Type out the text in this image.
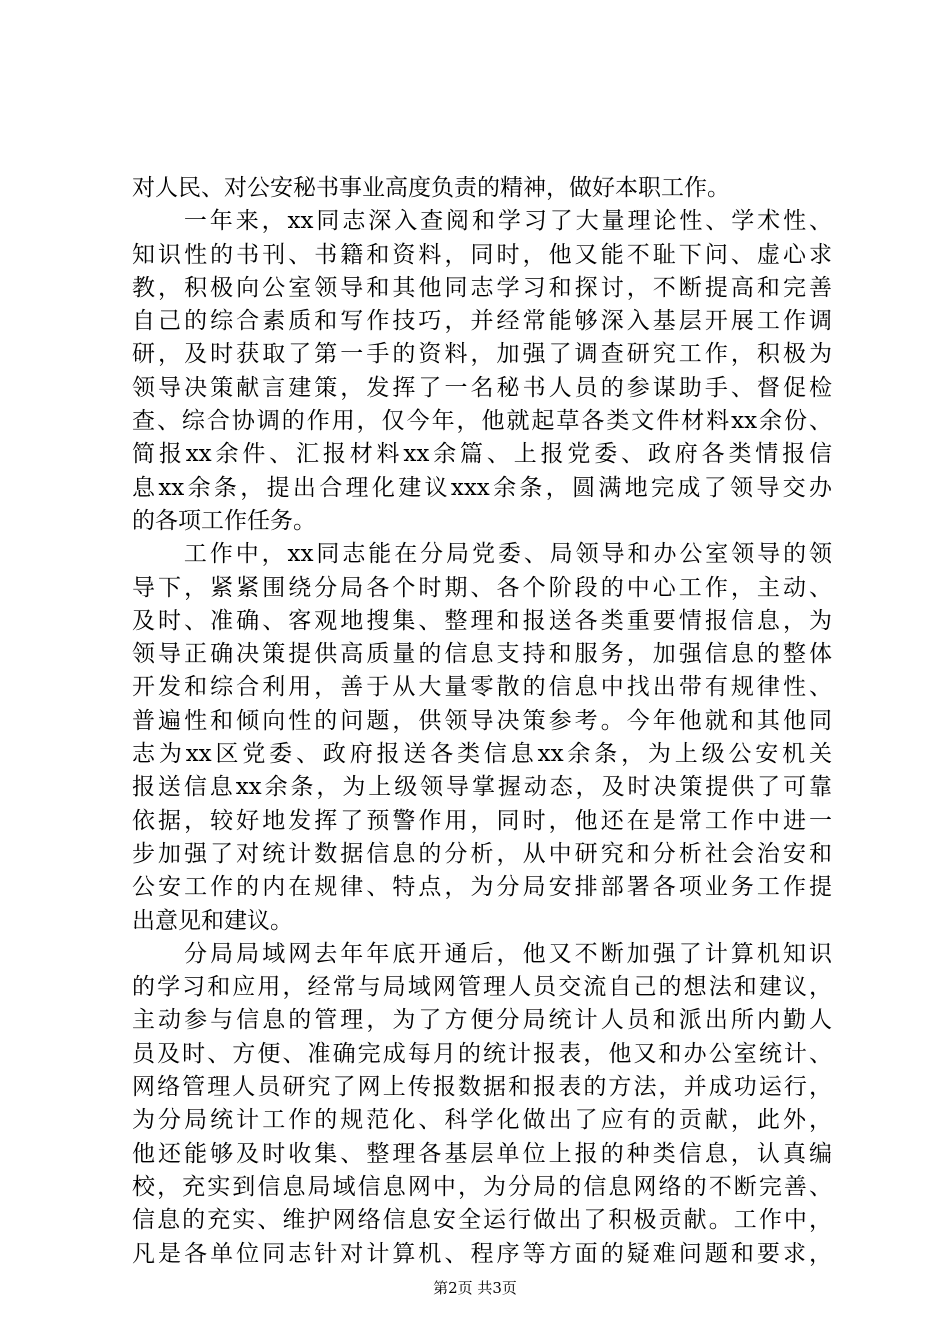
对人民、对公安秘书事业高度负责的精神，做好本职工作。
　　一年来，xx同志深入查阅和学习了大量理论性、学术性、
知识性的书刊、书籍和资料，同时，他又能不耻下问、虚心求
教，积极向公室领导和其他同志学习和探讨，不断提高和完善
自己的综合素质和写作技巧，并经常能够深入基层开展工作调
研，及时获取了第一手的资料，加强了调查研究工作，积极为
领导决策献言建策，发挥了一名秘书人员的参谋助手、督促检
查、综合协调的作用，仅今年，他就起草各类文件材料xx余份、
简报xx余件、汇报材料xx余篇、上报党委、政府各类情报信
息xx余条，提出合理化建议xxx余条，圆满地完成了领导交办
的各项工作任务。
　　工作中，xx同志能在分局党委、局领导和办公室领导的领
导下，紧紧围绕分局各个时期、各个阶段的中心工作，主动、
及时、准确、客观地搜集、整理和报送各类重要情报信息，为
领导正确决策提供高质量的信息支持和服务，加强信息的整体
开发和综合利用，善于从大量零散的信息中找出带有规律性、
普遍性和倾向性的问题，供领导决策参考。今年他就和其他同
志为xx区党委、政府报送各类信息xx余条，为上级公安机关
报送信息xx余条，为上级领导掌握动态，及时决策提供了可靠
依据，较好地发挥了预警作用，同时，他还在是常工作中进一
步加强了对统计数据信息的分析，从中研究和分析社会治安和
公安工作的内在规律、特点，为分局安排部署各项业务工作提
出意见和建议。
　　分局局域网去年年底开通后，他又不断加强了计算机知识
的学习和应用，经常与局域网管理人员交流自己的想法和建议，
主动参与信息的管理，为了方便分局统计人员和派出所内勤人
员及时、方便、准确完成每月的统计报表，他又和办公室统计、
网络管理人员研究了网上传报数据和报表的方法，并成功运行，
为分局统计工作的规范化、科学化做出了应有的贡献，此外，
他还能够及时收集、整理各基层单位上报的种类信息，认真编
校，充实到信息局域信息网中，为分局的信息网络的不断完善、
信息的充实、维护网络信息安全运行做出了积极贡献。工作中，
凡是各单位同志针对计算机、程序等方面的疑难问题和要求，
第2页 共3页
